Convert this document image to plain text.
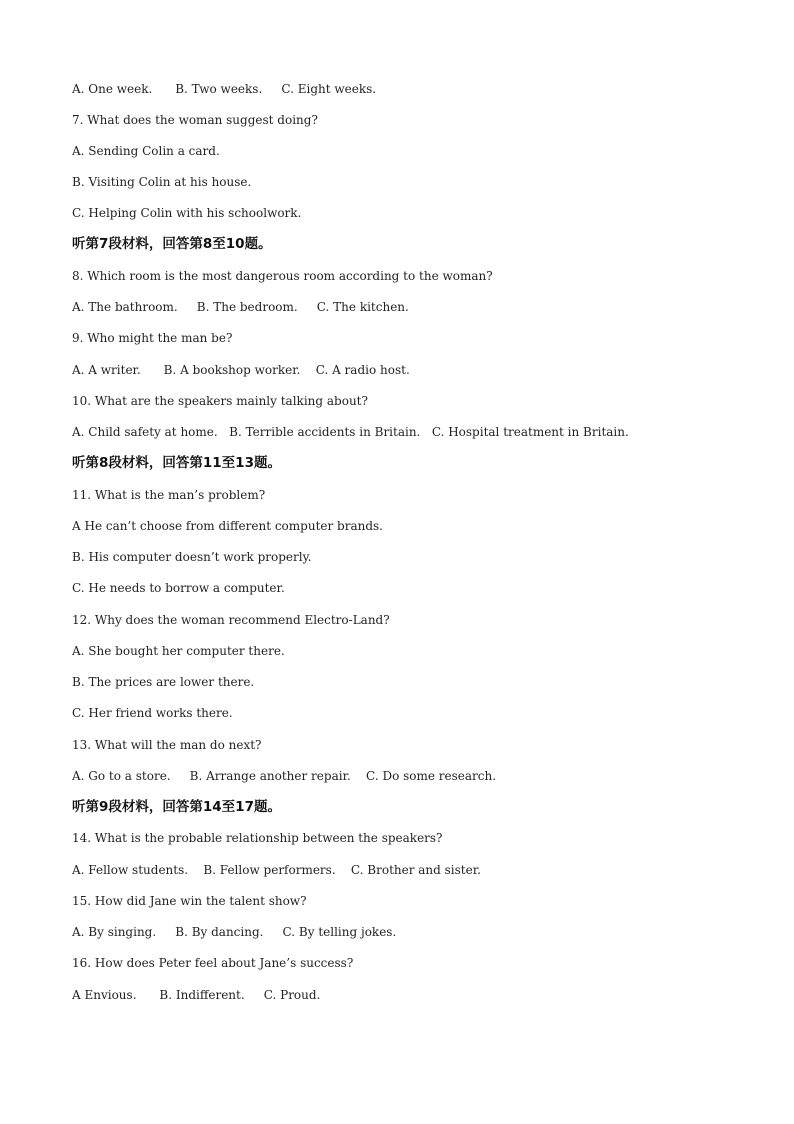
A. One week.      B. Two weeks.     C. Eight weeks.
7. What does the woman suggest doing?
A. Sending Colin a card.
B. Visiting Colin at his house.
C. Helping Colin with his schoolwork.
听第7段材料，回答第8至10题。
8. Which room is the most dangerous room according to the woman?
A. The bathroom.     B. The bedroom.     C. The kitchen.
9. Who might the man be?
A. A writer.      B. A bookshop worker.    C. A radio host.
10. What are the speakers mainly talking about?
A. Child safety at home.   B. Terrible accidents in Britain.   C. Hospital treatment in Britain.
听第8段材料，回答第11至13题。
11. What is the man’s problem?
A He can’t choose from different computer brands.
B. His computer doesn’t work properly.
C. He needs to borrow a computer.
12. Why does the woman recommend Electro-Land?
A. She bought her computer there.
B. The prices are lower there.
C. Her friend works there.
13. What will the man do next?
A. Go to a store.     B. Arrange another repair.    C. Do some research.
听第9段材料，回答第14至17题。
14. What is the probable relationship between the speakers?
A. Fellow students.    B. Fellow performers.    C. Brother and sister.
15. How did Jane win the talent show?
A. By singing.     B. By dancing.     C. By telling jokes.
16. How does Peter feel about Jane’s success?
A Envious.      B. Indifferent.     C. Proud.
